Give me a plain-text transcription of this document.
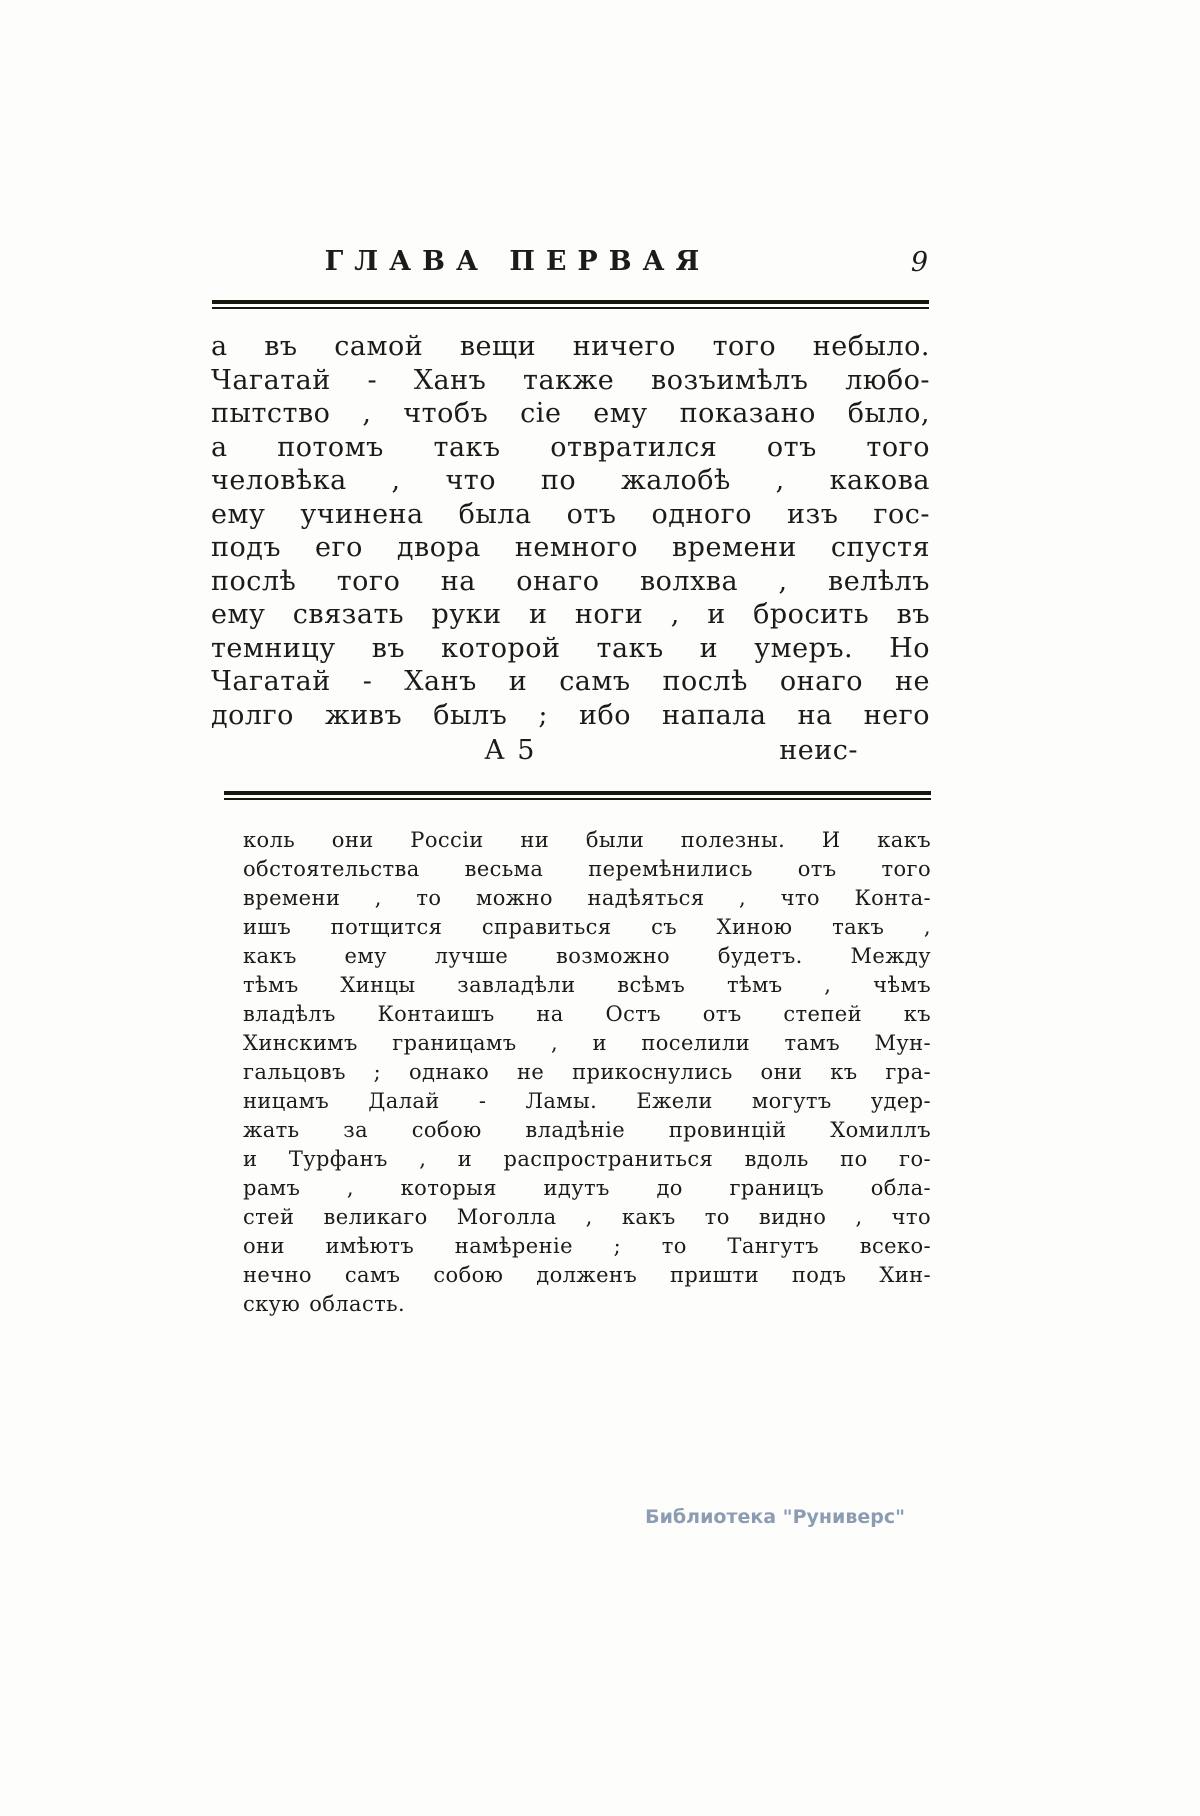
ГЛАВА ПЕРВАЯ	9
а въ самой вещи ничего того небыло.
Чагатай - Ханъ также возъимѣлъ любо-
пытство , чтобъ сіе ему показано было,
а потомъ такъ отвратился отъ того
человѣка , что по жалобѣ , какова
ему учинена была отъ одного изъ гос-
подъ его двора немного времени спустя
послѣ того на онаго волхва , велѣлъ
ему связать руки и ноги , и бросить въ
темницу въ которой такъ и умеръ. Но
Чагатай - Ханъ и самъ послѣ онаго не
долго живъ былъ ; ибо напала на него
А 5	неис-
коль они Россіи ни были полезны. И какъ
обстоятельства весьма перемѣнились отъ того
времени , то можно надѣяться , что Конта-
ишъ потщится справиться съ Хиною такъ ,
какъ ему лучше возможно будетъ. Между
тѣмъ Хинцы завладѣли всѣмъ тѣмъ , чѣмъ
владѣлъ Контаишъ на Остъ отъ степей къ
Хинскимъ границамъ , и поселили тамъ Мун-
гальцовъ ; однако не прикоснулись они къ гра-
ницамъ Далай - Ламы. Ежели могутъ удер-
жать за собою владѣніе провинцій Хомиллъ
и Турфанъ , и распространиться вдоль по го-
рамъ , которыя идутъ до границъ обла-
стей великаго Моголла , какъ то видно , что
они имѣютъ намѣреніе ; то Тангутъ всеко-
нечно самъ собою долженъ пришти подъ Хин-
скую область.
Библиотека "Руниверс"
